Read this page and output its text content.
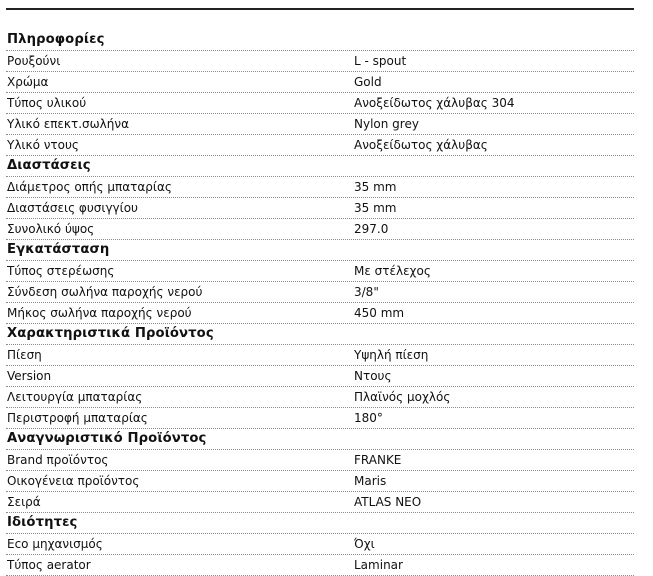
Πληροφορίες
Ρουξούνι	L - spout
Χρώμα	Gold
Τύπος υλικού	Ανοξείδωτος χάλυβας 304
Υλικό επεκτ.σωλήνα	Nylon grey
Υλικό ντους	Ανοξείδωτος χάλυβας
Διαστάσεις
Διάμετρος οπής μπαταρίας	35 mm
Διαστάσεις φυσιγγίου	35 mm
Συνολικό ύψος	297.0
Εγκατάσταση
Τύπος στερέωσης	Με στέλεχος
Σύνδεση σωλήνα παροχής νερού	3/8"
Μήκος σωλήνα παροχής νερού	450 mm
Χαρακτηριστικά Προϊόντος
Πίεση	Υψηλή πίεση
Version	Ντους
Λειτουργία μπαταρίας	Πλαϊνός μοχλός
Περιστροφή μπαταρίας	180°
Αναγνωριστικό Προϊόντος
Brand προϊόντος	FRANKE
Οικογένεια προϊόντος	Maris
Σειρά	ATLAS NEO
Ιδιότητες
Eco μηχανισμός	Όχι
Τύπος aerator	Laminar
